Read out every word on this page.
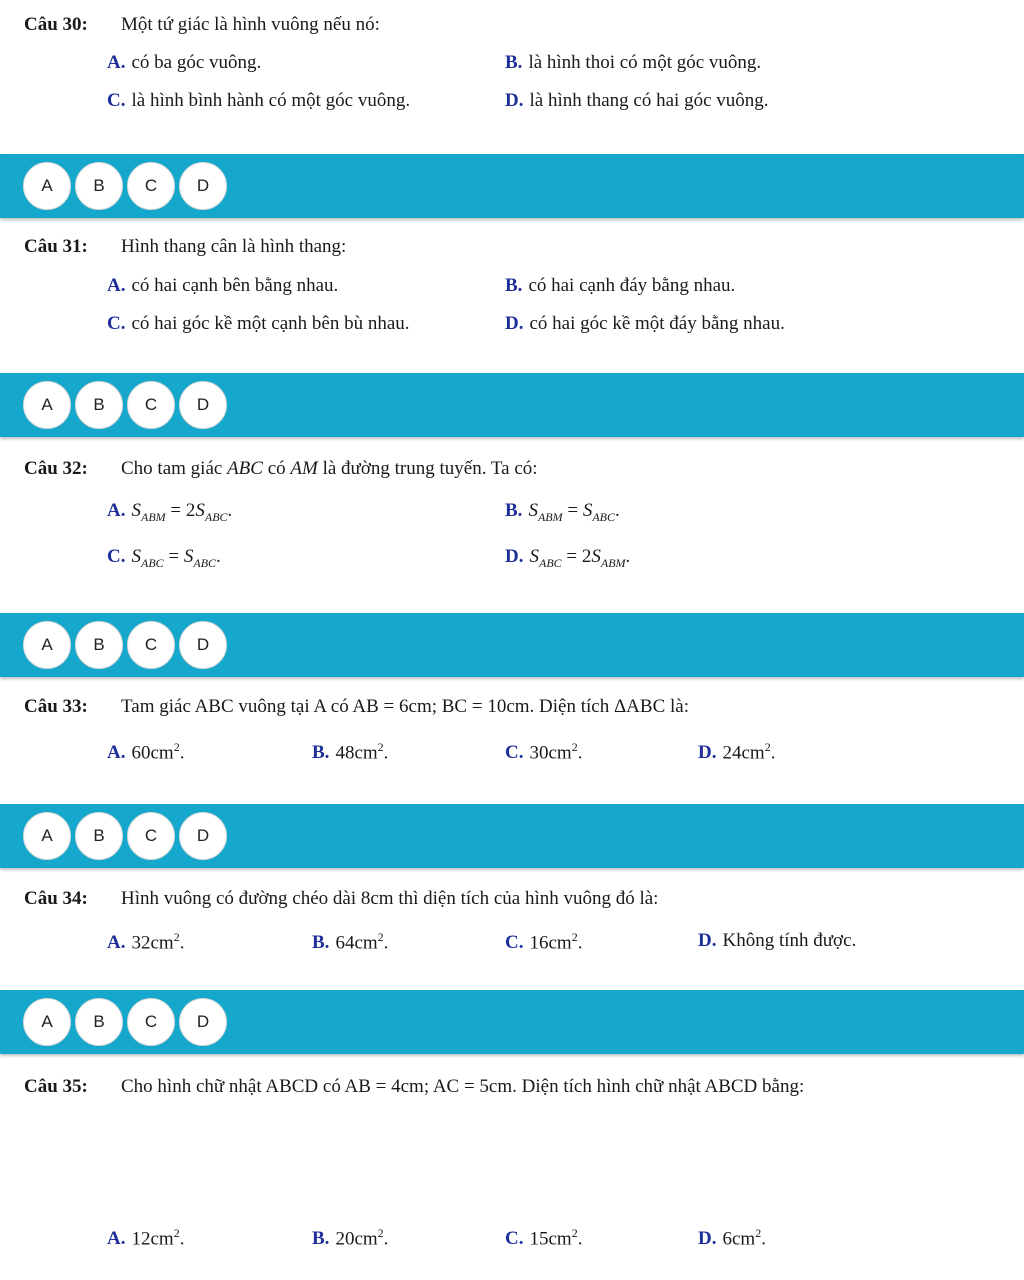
Câu 30: Một tứ giác là hình vuông nếu nó:
A. có ba góc vuông.	B. là hình thoi có một góc vuông.
C. là hình bình hành có một góc vuông.	D. là hình thang có hai góc vuông.
A	B	C	D
Câu 31: Hình thang cân là hình thang:
A. có hai cạnh bên bằng nhau.	B. có hai cạnh đáy bằng nhau.
C. có hai góc kề một cạnh bên bù nhau.	D. có hai góc kề một đáy bằng nhau.
A	B	C	D
Câu 32: Cho tam giác ABC có AM là đường trung tuyến. Ta có:
A. $S_{ABM} = 2S_{ABC}$.	B. $S_{ABM} = S_{ABC}$.
C. $S_{ABC} = S_{ABC}$.	D. $S_{ABC} = 2S_{ABM}$.
A	B	C	D
Câu 33: Tam giác ABC vuông tại A có AB = 6cm; BC = 10cm. Diện tích ΔABC là:
A. $60cm^2$.	B. $48cm^2$.	C. $30cm^2$.	D. $24cm^2$.
A	B	C	D
Câu 34: Hình vuông có đường chéo dài 8cm thì diện tích của hình vuông đó là:
A. $32cm^2$.	B. $64cm^2$.	C. $16cm^2$.	D. Không tính được.
A	B	C	D
Câu 35: Cho hình chữ nhật ABCD có AB = 4cm; AC = 5cm. Diện tích hình chữ nhật ABCD bằng:
A. $12cm^2$.	B. $20cm^2$.	C. $15cm^2$.	D. $6cm^2$.
